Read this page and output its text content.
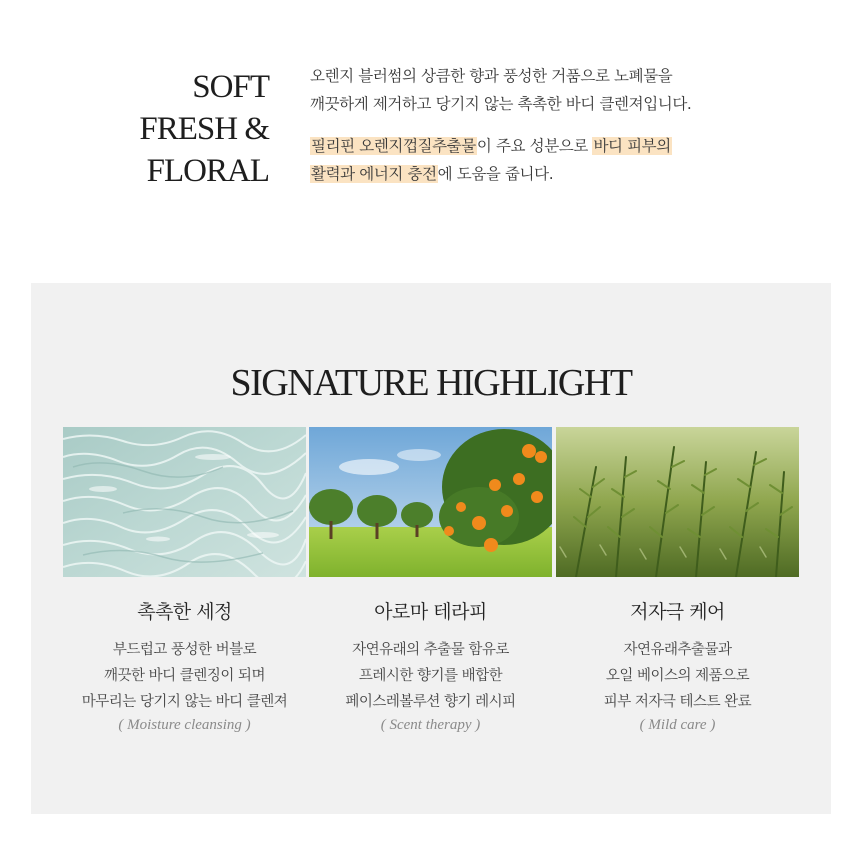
SOFT
FRESH &
FLORAL

오렌지 블러썸의 상큼한 향과 풍성한 거품으로 노폐물을
깨끗하게 제거하고 당기지 않는 촉촉한 바디 클렌져입니다.

필리핀 오렌지껍질추출물이 주요 성분으로 바디 피부의
활력과 에너지 충전에 도움을 줍니다.

SIGNATURE HIGHLIGHT
촉촉한 세정
부드럽고 풍성한 버블로
깨끗한 바디 클렌징이 되며
마무리는 당기지 않는 바디 클렌져
( Moisture cleansing )
아로마 테라피
자연유래의 추출물 함유로
프레시한 향기를 배합한
페이스레볼루션 향기 레시피
( Scent therapy )
저자극 케어
자연유래추출물과
오일 베이스의 제품으로
피부 저자극 테스트 완료
( Mild care )
